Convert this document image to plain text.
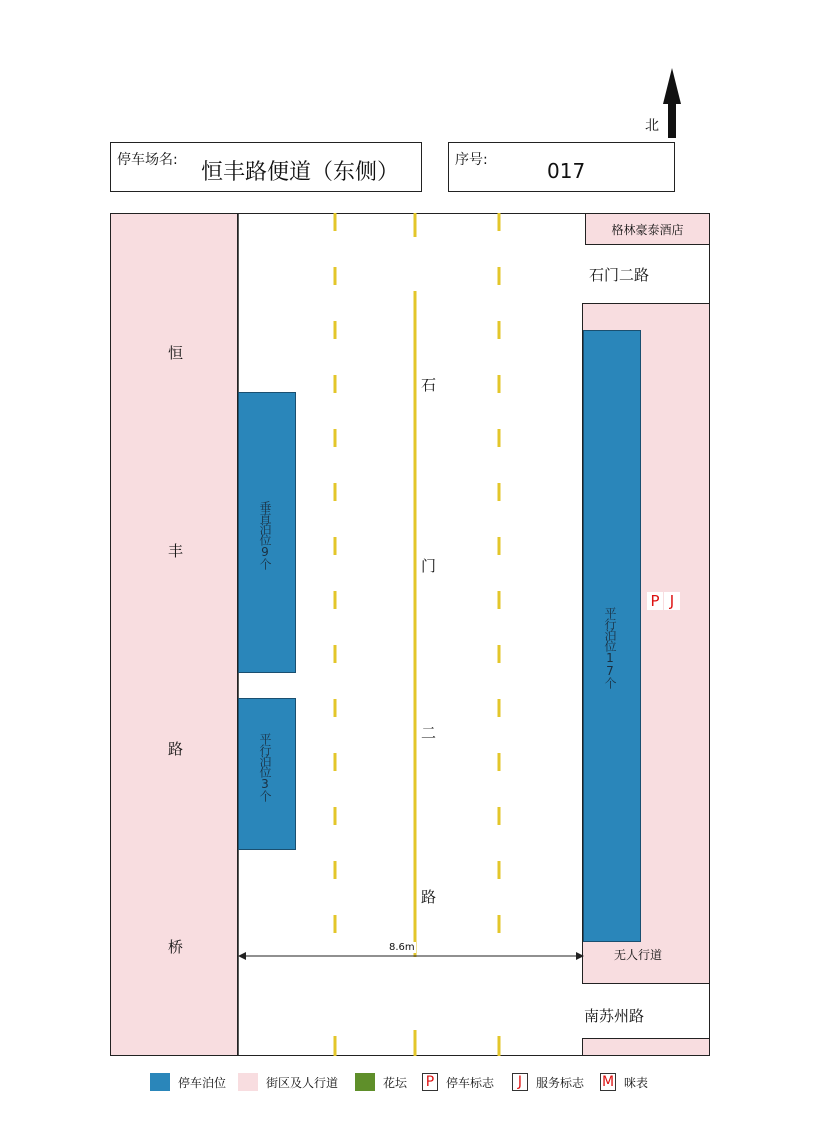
北
停车场名: 恒丰路便道（东侧）	序号:	017
恒
丰
路
桥
石
门
二
路
垂直泊位9个
平行泊位3个
格林豪泰酒店
石门二路
平行泊位17个
无人行道
P J
南苏州路
8.6m
停车泊位	街区及人行道	花坛 P 停车标志	J	服务标志 M 咪表
